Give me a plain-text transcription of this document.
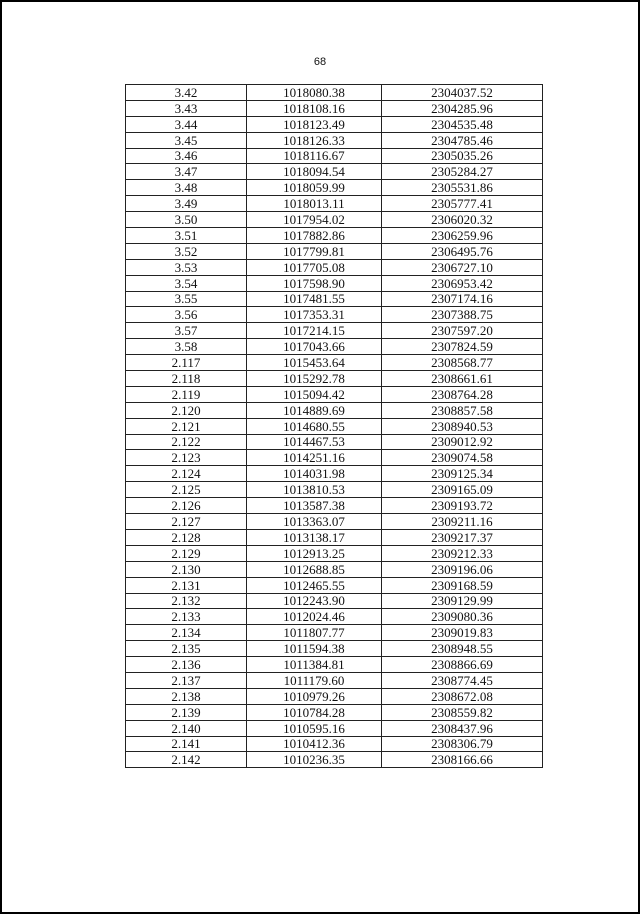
68
3.42	1018080.38	2304037.52
3.43	1018108.16	2304285.96
3.44	1018123.49	2304535.48
3.45	1018126.33	2304785.46
3.46	1018116.67	2305035.26
3.47	1018094.54	2305284.27
3.48	1018059.99	2305531.86
3.49	1018013.11	2305777.41
3.50	1017954.02	2306020.32
3.51	1017882.86	2306259.96
3.52	1017799.81	2306495.76
3.53	1017705.08	2306727.10
3.54	1017598.90	2306953.42
3.55	1017481.55	2307174.16
3.56	1017353.31	2307388.75
3.57	1017214.15	2307597.20
3.58	1017043.66	2307824.59
2.117	1015453.64	2308568.77
2.118	1015292.78	2308661.61
2.119	1015094.42	2308764.28
2.120	1014889.69	2308857.58
2.121	1014680.55	2308940.53
2.122	1014467.53	2309012.92
2.123	1014251.16	2309074.58
2.124	1014031.98	2309125.34
2.125	1013810.53	2309165.09
2.126	1013587.38	2309193.72
2.127	1013363.07	2309211.16
2.128	1013138.17	2309217.37
2.129	1012913.25	2309212.33
2.130	1012688.85	2309196.06
2.131	1012465.55	2309168.59
2.132	1012243.90	2309129.99
2.133	1012024.46	2309080.36
2.134	1011807.77	2309019.83
2.135	1011594.38	2308948.55
2.136	1011384.81	2308866.69
2.137	1011179.60	2308774.45
2.138	1010979.26	2308672.08
2.139	1010784.28	2308559.82
2.140	1010595.16	2308437.96
2.141	1010412.36	2308306.79
2.142	1010236.35	2308166.66
